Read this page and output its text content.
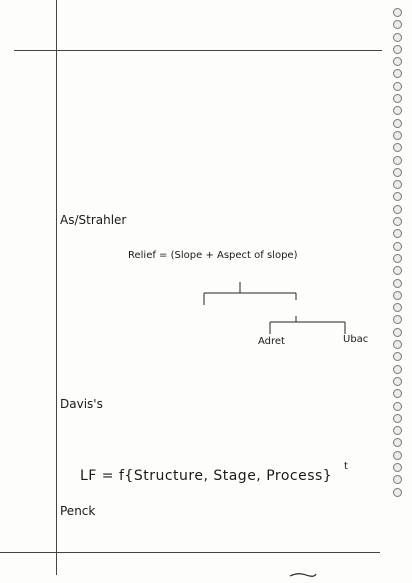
As/Strahler
Relief = (Slope + Aspect of slope)
Adret	Ubac
Davis's
LF = f{Structure, Stage, Process}
t
Penck
